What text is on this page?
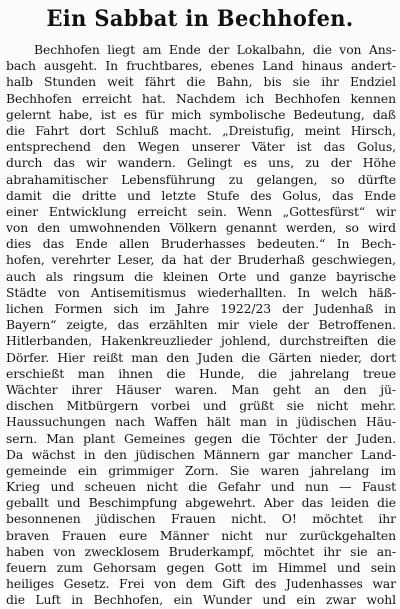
Ein Sabbat in Bechhofen.
Bechhofen liegt am Ende der Lokalbahn, die von Ans-
bach ausgeht. In fruchtbares, ebenes Land hinaus andert-
halb Stunden weit fährt die Bahn, bis sie ihr Endziel
Bechhofen erreicht hat. Nachdem ich Bechhofen kennen
gelernt habe, ist es für mich symbolische Bedeutung, daß
die Fahrt dort Schluß macht. „Dreistufig, meint Hirsch,
entsprechend den Wegen unserer Väter ist das Golus,
durch das wir wandern. Gelingt es uns, zu der Höhe
abrahamitischer Lebensführung zu gelangen, so dürfte
damit die dritte und letzte Stufe des Golus, das Ende
einer Entwicklung erreicht sein. Wenn „Gottesfürst“ wir
von den umwohnenden Völkern genannt werden, so wird
dies das Ende allen Bruderhasses bedeuten.“ In Bech-
hofen, verehrter Leser, da hat der Bruderhaß geschwiegen,
auch als ringsum die kleinen Orte und ganze bayrische
Städte von Antisemitismus wiederhallten. In welch häß-
lichen Formen sich im Jahre 1922/23 der Judenhaß in
Bayern“ zeigte, das erzählten mir viele der Betroffenen.
Hitlerbanden, Hakenkreuzlieder johlend, durchstreiften die
Dörfer. Hier reißt man den Juden die Gärten nieder, dort
erschießt man ihnen die Hunde, die jahrelang treue
Wächter ihrer Häuser waren. Man geht an den jü-
dischen Mitbürgern vorbei und grüßt sie nicht mehr.
Haussuchungen nach Waffen hält man in jüdischen Häu-
sern. Man plant Gemeines gegen die Töchter der Juden.
Da wächst in den jüdischen Männern gar mancher Land-
gemeinde ein grimmiger Zorn. Sie waren jahrelang im
Krieg und scheuen nicht die Gefahr und nun — Faust
geballt und Beschimpfung abgewehrt. Aber das leiden die
besonnenen jüdischen Frauen nicht. O! möchtet ihr
braven Frauen eure Männer nicht nur zurückgehalten
haben von zwecklosem Bruderkampf, möchtet ihr sie an-
feuern zum Gehorsam gegen Gott im Himmel und sein
heiliges Gesetz. Frei von dem Gift des Judenhasses war
die Luft in Bechhofen, ein Wunder und ein zwar wohl
